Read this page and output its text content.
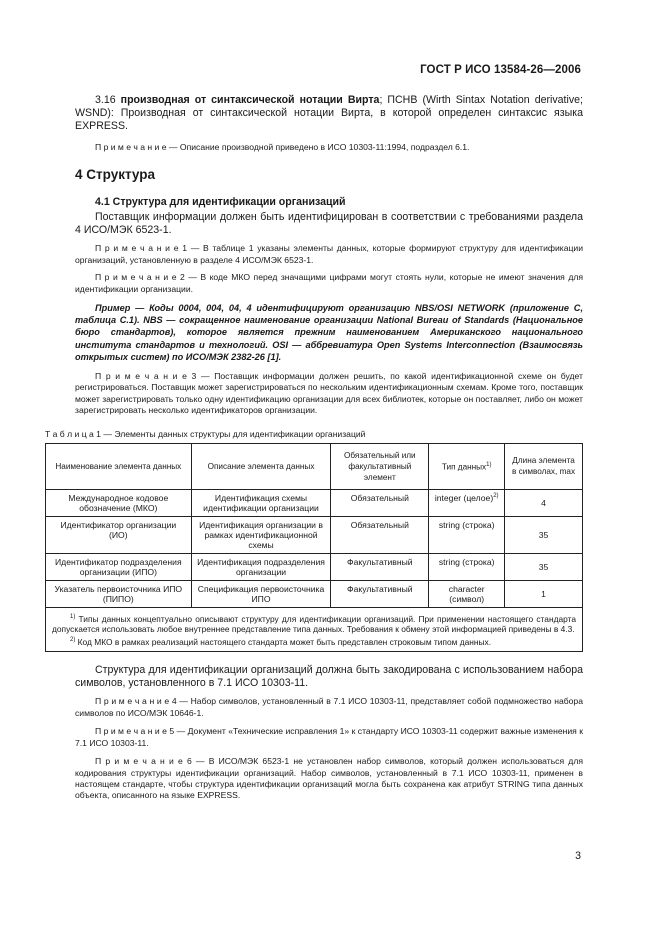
ГОСТ Р ИСО 13584-26—2006

3.16 производная от синтаксической нотации Вирта; ПСНВ (Wirth Sintax Notation derivative; WSND): Производная от синтаксической нотации Вирта, в которой определен синтаксис языка EXPRESS.

П р и м е ч а н и е — Описание производной приведено в ИСО 10303-11:1994, подраздел 6.1.

4 Структура

4.1 Структура для идентификации организаций

Поставщик информации должен быть идентифицирован в соответствии с требованиями раздела 4 ИСО/МЭК 6523-1.

П р и м е ч а н и е 1 — В таблице 1 указаны элементы данных, которые формируют структуру для идентификации организаций, установленную в разделе 4 ИСО/МЭК 6523-1.

П р и м е ч а н и е 2 — В коде МКО перед значащими цифрами могут стоять нули, которые не имеют значения для идентификации организации.

Пример — Коды 0004, 004, 04, 4 идентифицируют организацию NBS/OSI NETWORK (приложение С, таблица С.1). NBS — сокращенное наименование организации National Bureau of Standards (Национальное бюро стандартов), которое является прежним наименованием Американского национального института стандартов и технологий. OSI — аббревиатура Open Systems Interconnection (Взаимосвязь открытых систем) по ИСО/МЭК 2382-26 [1].

П р и м е ч а н и е 3 — Поставщик информации должен решить, по какой идентификационной схеме он будет регистрироваться. Поставщик может зарегистрироваться по нескольким идентификационным схемам. Кроме того, поставщик может зарегистрировать только одну идентификацию организации для всех библиотек, которые он поставляет, либо он может зарегистрировать несколько идентификаторов организации.

Т а б л и ц а 1 — Элементы данных структуры для идентификации организаций

Наименование элемента данных	Описание элемента данных	Обязательный или факультативный элемент	Тип данных$^{1)}$	Длина элемента в символах, max
Международное кодовое обозначение (МКО)	Идентификация схемы идентификации организации	Обязательный	integer (целое)$^{2)}$	4
Идентификатор организации (ИО)	Идентификация организации в рамках идентификационной схемы	Обязательный	string (строка)	35
Идентификатор подразделения организации (ИПО)	Идентификация подразделения организации	Факультативный	string (строка)	35
Указатель первоисточника ИПО (ПИПО)	Спецификация первоисточника ИПО	Факультативный	character (символ)	1

$^{1)}$ Типы данных концептуально описывают структуру для идентификации организаций. При применении настоящего стандарта допускается использовать любое внутреннее представление типа данных. Требования к обмену этой информацией приведены в 4.3.
$^{2)}$ Код МКО в рамках реализаций настоящего стандарта может быть представлен строковым типом данных.				

Структура для идентификации организаций должна быть закодирована с использованием набора символов, установленного в 7.1 ИСО 10303-11.

П р и м е ч а н и е 4 — Набор символов, установленный в 7.1 ИСО 10303-11, представляет собой подмножество набора символов по ИСО/МЭК 10646-1.

П р и м е ч а н и е 5 — Документ «Технические исправления 1» к стандарту ИСО 10303-11 содержит важные изменения к 7.1 ИСО 10303-11.

П р и м е ч а н и е 6 — В ИСО/МЭК 6523-1 не установлен набор символов, который должен использоваться для кодирования структуры идентификации организаций. Набор символов, установленный в 7.1 ИСО 10303-11, применен в настоящем стандарте, чтобы структура идентификации организаций могла быть сохранена как атрибут STRING типа данных объекта, описанного на языке EXPRESS.

3
